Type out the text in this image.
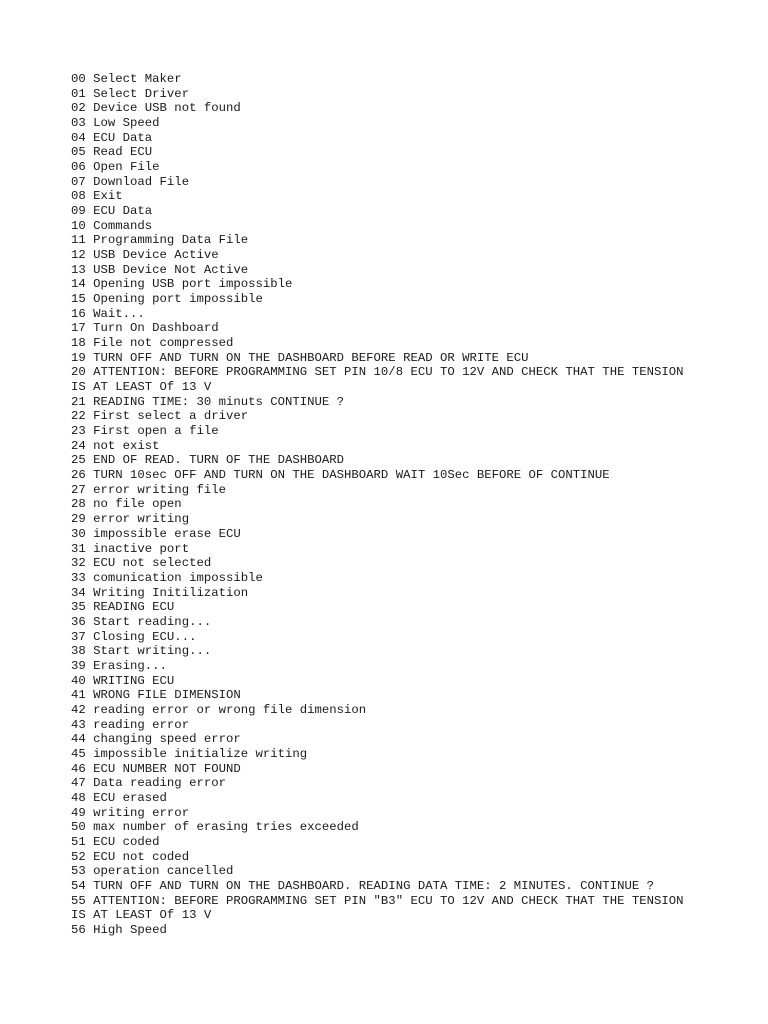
00 Select Maker
01 Select Driver
02 Device USB not found
03 Low Speed
04 ECU Data
05 Read ECU
06 Open File
07 Download File
08 Exit
09 ECU Data
10 Commands
11 Programming Data File
12 USB Device Active
13 USB Device Not Active
14 Opening USB port impossible
15 Opening port impossible
16 Wait...
17 Turn On Dashboard
18 File not compressed
19 TURN OFF AND TURN ON THE DASHBOARD BEFORE READ OR WRITE ECU
20 ATTENTION: BEFORE PROGRAMMING SET PIN 10/8 ECU TO 12V AND CHECK THAT THE TENSION
IS AT LEAST Of 13 V
21 READING TIME: 30 minuts CONTINUE ?
22 First select a driver
23 First open a file
24 not exist
25 END OF READ. TURN OF THE DASHBOARD
26 TURN 10sec OFF AND TURN ON THE DASHBOARD WAIT 10Sec BEFORE OF CONTINUE
27 error writing file
28 no file open
29 error writing
30 impossible erase ECU
31 inactive port
32 ECU not selected
33 comunication impossible
34 Writing Initilization
35 READING ECU
36 Start reading...
37 Closing ECU...
38 Start writing...
39 Erasing...
40 WRITING ECU
41 WRONG FILE DIMENSION
42 reading error or wrong file dimension
43 reading error
44 changing speed error
45 impossible initialize writing
46 ECU NUMBER NOT FOUND
47 Data reading error
48 ECU erased
49 writing error
50 max number of erasing tries exceeded
51 ECU coded
52 ECU not coded
53 operation cancelled
54 TURN OFF AND TURN ON THE DASHBOARD. READING DATA TIME: 2 MINUTES. CONTINUE ?
55 ATTENTION: BEFORE PROGRAMMING SET PIN "B3" ECU TO 12V AND CHECK THAT THE TENSION
IS AT LEAST Of 13 V
56 High Speed
